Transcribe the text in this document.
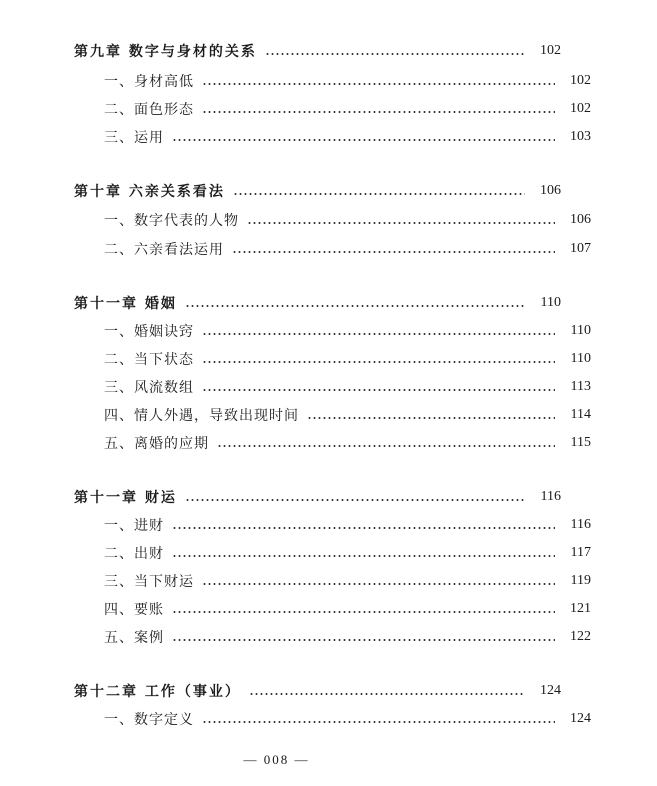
第九章 数字与身材的关系	102
一、身材高低	102
二、面色形态	102
三、运用	103
第十章 六亲关系看法	106
一、数字代表的人物	106
二、六亲看法运用	107
第十一章 婚姻	110
一、婚姻诀窍	110
二、当下状态	110
三、风流数组	113
四、情人外遇，导致出现时间	114
五、离婚的应期	115
第十一章 财运	116
一、进财	116
二、出财	117
三、当下财运	119
四、要账	121
五、案例	122
第十二章 工作（事业）	124
一、数字定义	124
— 008 —
